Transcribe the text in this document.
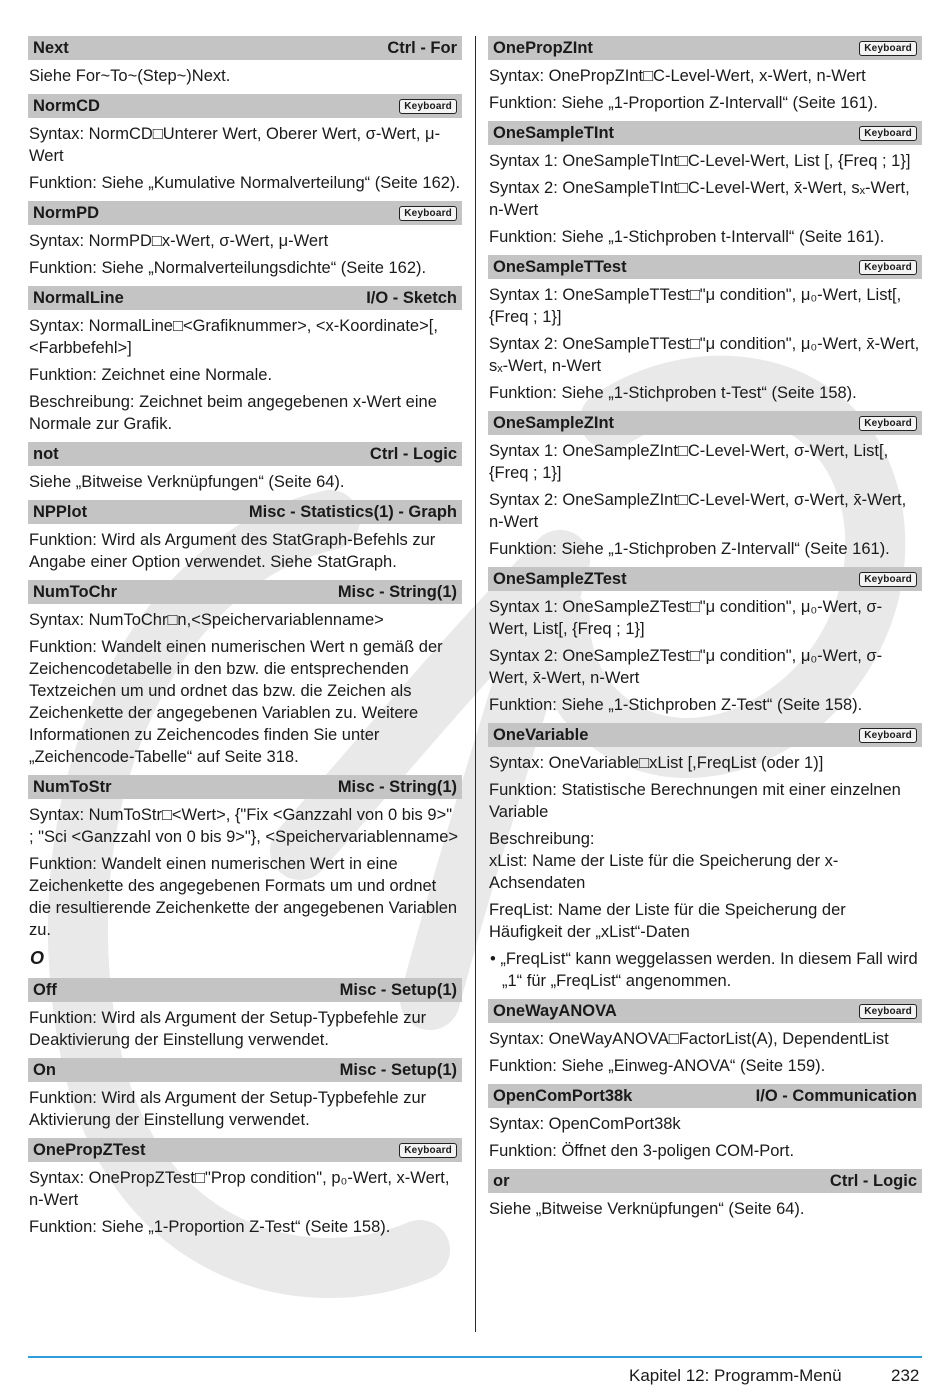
Next	Ctrl - For
Siehe For~To~(Step~)Next.
NormCD	Keyboard
Syntax: NormCD□Unterer Wert, Oberer Wert, σ-Wert, μ-Wert
Funktion: Siehe „Kumulative Normalverteilung“ (Seite 162).
NormPD	Keyboard
Syntax: NormPD□x-Wert, σ-Wert, μ-Wert
Funktion: Siehe „Normalverteilungsdichte“ (Seite 162).
NormalLine	I/O - Sketch
Syntax: NormalLine□<Grafiknummer>, <x-Koordinate>[,<Farbbefehl>]
Funktion: Zeichnet eine Normale.
Beschreibung: Zeichnet beim angegebenen x-Wert eine Normale zur Grafik.
not	Ctrl - Logic
Siehe „Bitweise Verknüpfungen“ (Seite 64).
NPPlot	Misc - Statistics(1) - Graph
Funktion: Wird als Argument des StatGraph-Befehls zur Angabe einer Option verwendet. Siehe StatGraph.
NumToChr	Misc - String(1)
Syntax: NumToChr□n,<Speichervariablenname>
Funktion: Wandelt einen numerischen Wert n gemäß der Zeichencodetabelle in den bzw. die entsprechenden Textzeichen um und ordnet das bzw. die Zeichen als Zeichenkette der angegebenen Variablen zu. Weitere Informationen zu Zeichencodes finden Sie unter „Zeichencode-Tabelle“ auf Seite 318.
NumToStr	Misc - String(1)
Syntax: NumToStr□<Wert>, {"Fix <Ganzzahl von 0 bis 9>" ; "Sci <Ganzzahl von 0 bis 9>"}, <Speichervariablenname>
Funktion: Wandelt einen numerischen Wert in eine Zeichenkette des angegebenen Formats um und ordnet die resultierende Zeichenkette der angegebenen Variablen zu.
O
Off	Misc - Setup(1)
Funktion: Wird als Argument der Setup-Typbefehle zur Deaktivierung der Einstellung verwendet.
On	Misc - Setup(1)
Funktion: Wird als Argument der Setup-Typbefehle zur Aktivierung der Einstellung verwendet.
OnePropZTest	Keyboard
Syntax: OnePropZTest□"Prop condition", p₀-Wert, x-Wert, n-Wert
Funktion: Siehe „1-Proportion Z-Test“ (Seite 158).
OnePropZInt	Keyboard
Syntax: OnePropZInt□C-Level-Wert, x-Wert, n-Wert
Funktion: Siehe „1-Proportion Z-Intervall“ (Seite 161).
OneSampleTInt	Keyboard
Syntax 1: OneSampleTInt□C-Level-Wert, List [, {Freq ; 1}]
Syntax 2: OneSampleTInt□C-Level-Wert, x̄-Wert, sₓ-Wert, n-Wert
Funktion: Siehe „1-Stichproben t-Intervall“ (Seite 161).
OneSampleTTest	Keyboard
Syntax 1: OneSampleTTest□"μ condition", μ₀-Wert, List[, {Freq ; 1}]
Syntax 2: OneSampleTTest□"μ condition", μ₀-Wert, x̄-Wert, sₓ-Wert, n-Wert
Funktion: Siehe „1-Stichproben t-Test“ (Seite 158).
OneSampleZInt	Keyboard
Syntax 1: OneSampleZInt□C-Level-Wert, σ-Wert, List[, {Freq ; 1}]
Syntax 2: OneSampleZInt□C-Level-Wert, σ-Wert, x̄-Wert, n-Wert
Funktion: Siehe „1-Stichproben Z-Intervall“ (Seite 161).
OneSampleZTest	Keyboard
Syntax 1: OneSampleZTest□"μ condition", μ₀-Wert, σ-Wert, List[, {Freq ; 1}]
Syntax 2: OneSampleZTest□"μ condition", μ₀-Wert, σ-Wert, x̄-Wert, n-Wert
Funktion: Siehe „1-Stichproben Z-Test“ (Seite 158).
OneVariable	Keyboard
Syntax: OneVariable□xList [,FreqList (oder 1)]
Funktion: Statistische Berechnungen mit einer einzelnen Variable
Beschreibung:
xList: Name der Liste für die Speicherung der x-Achsendaten
FreqList: Name der Liste für die Speicherung der Häufigkeit der „xList“-Daten
• „FreqList“ kann weggelassen werden. In diesem Fall wird „1“ für „FreqList“ angenommen.
OneWayANOVA	Keyboard
Syntax: OneWayANOVA□FactorList(A), DependentList
Funktion: Siehe „Einweg-ANOVA“ (Seite 159).
OpenComPort38k	I/O - Communication
Syntax: OpenComPort38k
Funktion: Öffnet den 3-poligen COM-Port.
or	Ctrl - Logic
Siehe „Bitweise Verknüpfungen“ (Seite 64).
Kapitel 12: Programm-Menü	232
